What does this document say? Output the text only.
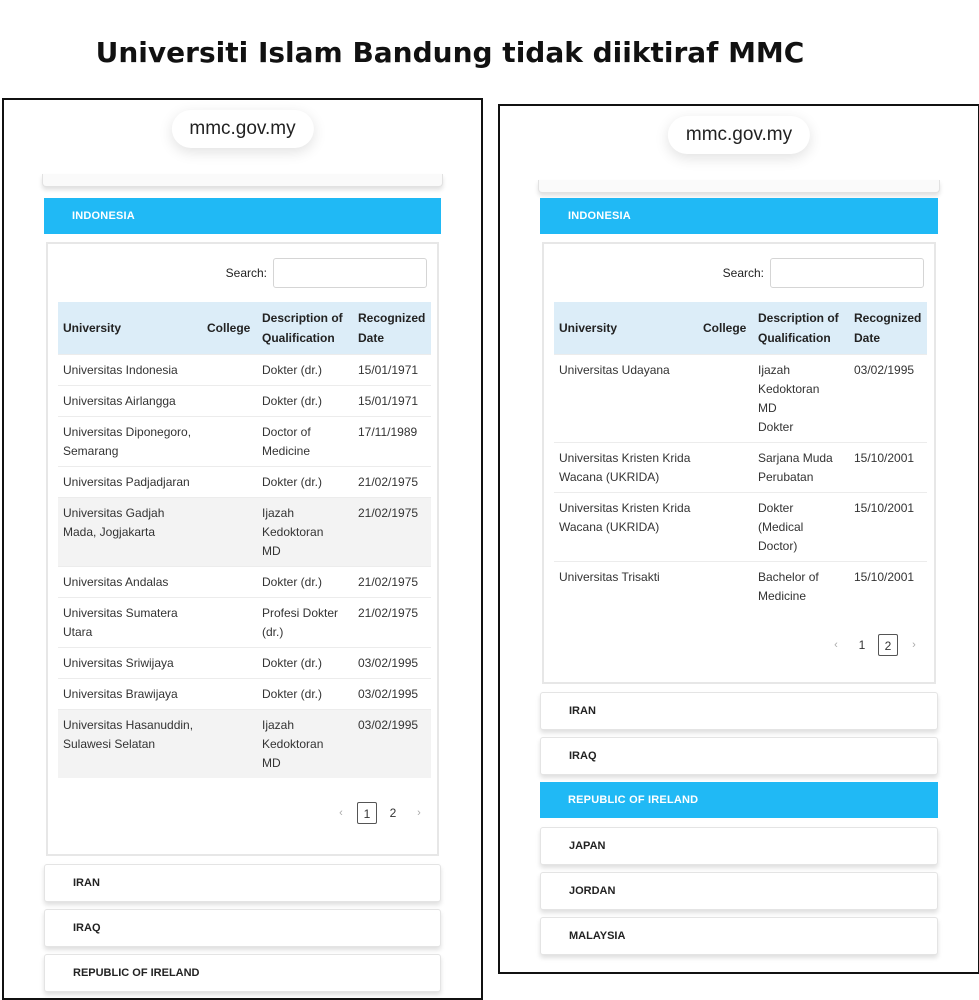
Universiti Islam Bandung tidak diiktiraf MMC
mmc.gov.my
INDONESIA
Search:
University	College	Description of Qualification	Recognized Date
Universitas Indonesia		Dokter (dr.)	15/01/1971
Universitas Airlangga		Dokter (dr.)	15/01/1971
Universitas Diponegoro, Semarang		Doctor of Medicine	17/11/1989
Universitas Padjadjaran		Dokter (dr.)	21/02/1975
Universitas Gadjah Mada, Jogjakarta		Ijazah
Kedoktoran
MD	21/02/1975
Universitas Andalas		Dokter (dr.)	21/02/1975
Universitas Sumatera Utara		Profesi Dokter (dr.)	21/02/1975
Universitas Sriwijaya		Dokter (dr.)	03/02/1995
Universitas Brawijaya		Dokter (dr.)	03/02/1995
Universitas Hasanuddin, Sulawesi Selatan		Ijazah
Kedoktoran
MD	03/02/1995
‹	1	2	›
IRAN
IRAQ
REPUBLIC OF IRELAND
mmc.gov.my
INDONESIA
Search:
University	College	Description of Qualification	Recognized Date
Universitas Udayana		Ijazah
Kedoktoran
MD
Dokter	03/02/1995
Universitas Kristen Krida Wacana (UKRIDA)		Sarjana Muda Perubatan	15/10/2001
Universitas Kristen Krida Wacana (UKRIDA)		Dokter
(Medical
Doctor)	15/10/2001
Universitas Trisakti		Bachelor of Medicine	15/10/2001
‹	1	2	›
IRAN
IRAQ
REPUBLIC OF IRELAND
JAPAN
JORDAN
MALAYSIA
